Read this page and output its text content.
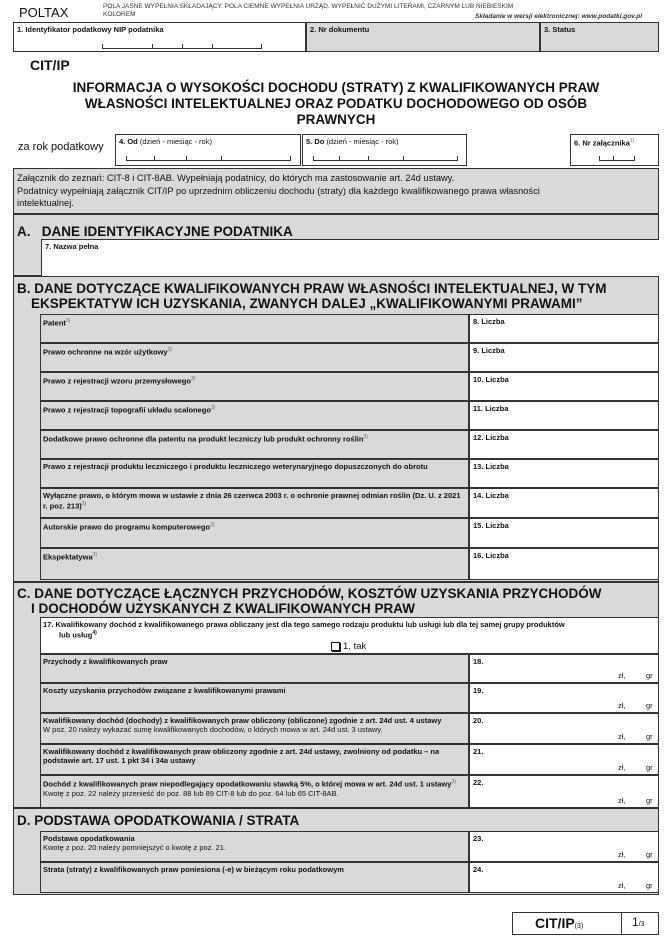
POLTAX	POLA JASNE WYPEŁNIA SKŁADAJĄCY. POLA CIEMNE WYPEŁNIA URZĄD. WYPEŁNIĆ DUŻYMI LITERAMI, CZARNYM LUB NIEBIESKIM
KOLOREM	Składanie w wersji elektronicznej: www.podatki.gov.pl
1. Identyfikator podatkowy NIP podatnika	2. Nr dokumentu	3. Status
CIT/IP
INFORMACJA O WYSOKOŚCI DOCHODU (STRATY) Z KWALIFIKOWANYCH PRAW
WŁASNOŚCI INTELEKTUALNEJ ORAZ PODATKU DOCHODOWEGO OD OSÓB
PRAWNYCH
za rok podatkowy 4. Od (dzień - miesiąc - rok)	5. Do (dzień - miesiąc - rok)	6. Nr załącznika$^{1)}$
Załącznik do zeznań: CIT-8 i CIT-8AB. Wypełniają podatnicy, do których ma zastosowanie art. 24d ustawy.
Podatnicy wypełniają załącznik CIT/IP po uprzednim obliczeniu dochodu (straty) dla każdego kwalifikowanego prawa własności
intelektualnej.
A. DANE IDENTYFIKACYJNE PODATNIKA
7. Nazwa pełna
B. DANE DOTYCZĄCE KWALIFIKOWANYCH PRAW WŁASNOŚCI INTELEKTUALNEJ, W TYM
EKSPEKTATYW ICH UZYSKANIA, ZWANYCH DALEJ „KWALIFIKOWANYMI PRAWAMI”
Patent$^{3)}$	8. Liczba
Prawo ochronne na wzór użytkowy$^{3)}$	9. Liczba
Prawo z rejestracji wzoru przemysłowego$^{3)}$	10. Liczba
Prawo z rejestracji topografii układu scalonego$^{3)}$	11. Liczba
Dodatkowe prawo ochronne dla patentu na produkt leczniczy lub produkt ochronny roślin$^{3)}$	12. Liczba
Prawo z rejestracji produktu leczniczego i produktu leczniczego weterynaryjnego dopuszczonych do obrotu	13. Liczba
Wyłączne prawo, o którym mowa w ustawie z dnia 26 czerwca 2003 r. o ochronie prawnej odmian roślin (Dz. U. z 2021 r. poz. 213)$^{3)}$
14. Liczba
Autorskie prawo do programu komputerowego$^{3)}$	15. Liczba
Ekspektatywa$^{3)}$	16. Liczba
C. DANE DOTYCZĄCE ŁĄCZNYCH PRZYCHODÓW, KOSZTÓW UZYSKANIA PRZYCHODÓW
I DOCHODÓW UZYSKANYCH Z KWALIFIKOWANYCH PRAW
17. Kwalifikowany dochód z kwalifikowanego prawa obliczany jest dla tego samego rodzaju produktu lub usługi lub dla tej samej grupy produktów
lub usług$^{4)}$
1. tak
Przychody z kwalifikowanych praw	18.
zł,	gr
Koszty uzyskania przychodów związane z kwalifikowanymi prawami	19.
zł,	gr
Kwalifikowany dochód (dochody) z kwalifikowanych praw obliczony (obliczone) zgodnie z art. 24d ust. 4 ustawy
W poz. 20 należy wykazać sumę kwalifikowanych dochodów, o których mowa w art. 24d ust. 3 ustawy.
20.
zł,	gr
Kwalifikowany dochód z kwalifikowanych praw obliczony zgodnie z art. 24d ustawy, zwolniony od podatku – na podstawie art. 17 ust. 1 pkt 34 i 34a ustawy
21.
zł,	gr
Dochód z kwalifikowanych praw niepodlegający opodatkowaniu stawką 5%, o której mowa w art. 24d ust. 1 ustawy$^{3)}$
Kwotę z poz. 22 należy przenieść do poz. 88 lub 89 CIT-8 lub do poz. 64 lub 65 CIT-8AB.
22.
zł,	gr
D. PODSTAWA OPODATKOWANIA / STRATA
Podstawa opodatkowania
Kwotę z poz. 20 należy pomniejszyć o kwotę z poz. 21.
23.
zł,	gr
Strata (straty) z kwalifikowanych praw poniesiona (-e) w bieżącym roku podatkowym	24.
zł,	gr
CIT/IP(3)	1/3
